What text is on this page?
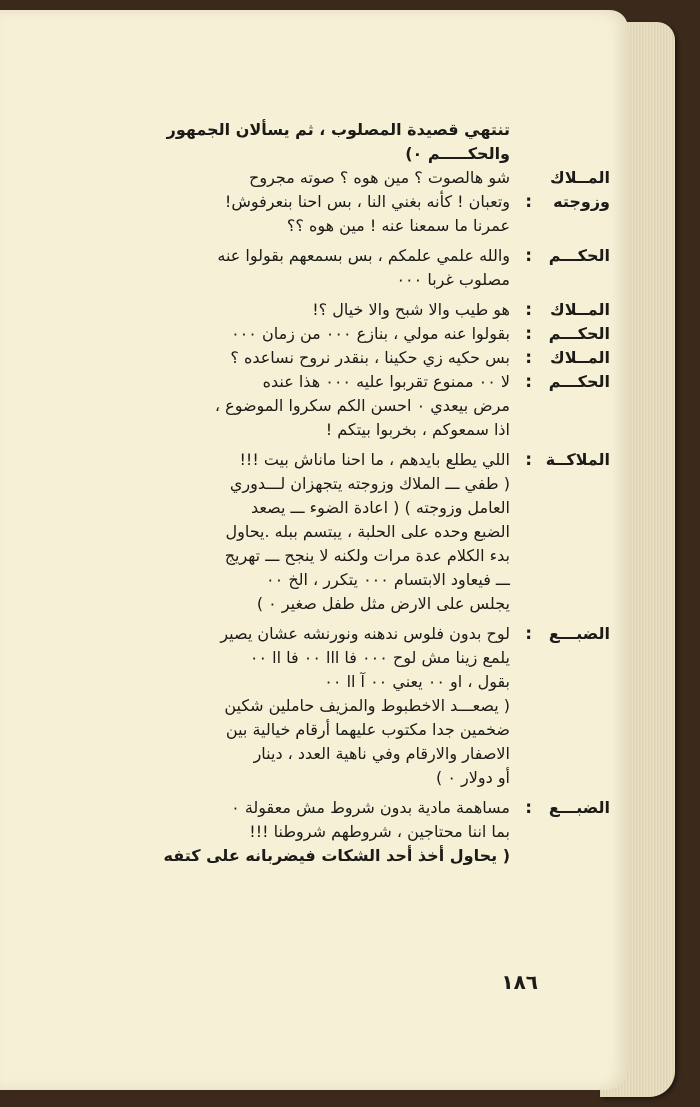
تنتهي قصيدة المصلوب ، ثم يسألان الجمهور
والحكـــــم ٠)
المــلاك
شو هالصوت ؟ مين هوه ؟ صوته مجروح
وزوجته
:
وتعبان ! كأنه بغني النا ، بس احنا بنعرفوش!
عمرنا ما سمعنا عنه ! مين هوه ؟؟
الحكـــم
:
والله علمي علمكم ، بس بسمعهم بقولوا عنه
مصلوب غربا ٠٠٠
المــلاك
:
هو طيب والا شبح والا خيال ؟!
الحكـــم
:
بقولوا عنه مولي ، بنازع ٠٠٠ من زمان ٠٠٠
المــلاك
:
بس حكيه زي حكينا ، بنقدر نروح نساعده ؟
الحكـــم
:
لا ٠٠ ممنوع تقربوا عليه ٠٠٠ هذا عنده
مرض بيعدي ٠ احسن الكم سكروا الموضوع ،
اذا سمعوكم ، بخربوا بيتكم !
الملاكــة
:
اللي يطلع بايدهم ، ما احنا ماناش بيت !!!
( طفي ـــ الملاك وزوجته يتجهزان لـــدوري
العامل وزوجته ) ( اعادة الضوء ـــ يصعد
الضبع وحده على الحلبة ، يبتسم ببله .يحاول
بدء الكلام عدة مرات ولكنه لا ينجح ـــ تهريج
ـــ فيعاود الابتسام ٠٠٠ يتكرر ، الخ ٠٠
يجلس على الارض مثل طفل صغير ٠ )
الضبـــع
:
لوح بدون فلوس ندهنه ونورنشه عشان يصير
يلمع زينا مش لوح ٠٠٠ فا ااا ٠٠ فا اا ٠٠
بقول ، او ٠٠ يعني ٠٠ آ اا ٠٠
( يصعـــد الاخطبوط والمزيف حاملين شكين
ضخمين جدا مكتوب عليهما أرقام خيالية بين
الاصفار والارقام وفي ناهية العدد ، دينار
أو دولار ٠ )
الضبـــع
:
مساهمة مادية بدون شروط مش معقولة ٠
بما اننا محتاجين ، شروطهم شروطنا !!!
( يحاول أخذ أحد الشكات فيضربانه على كتفه
١٨٦
